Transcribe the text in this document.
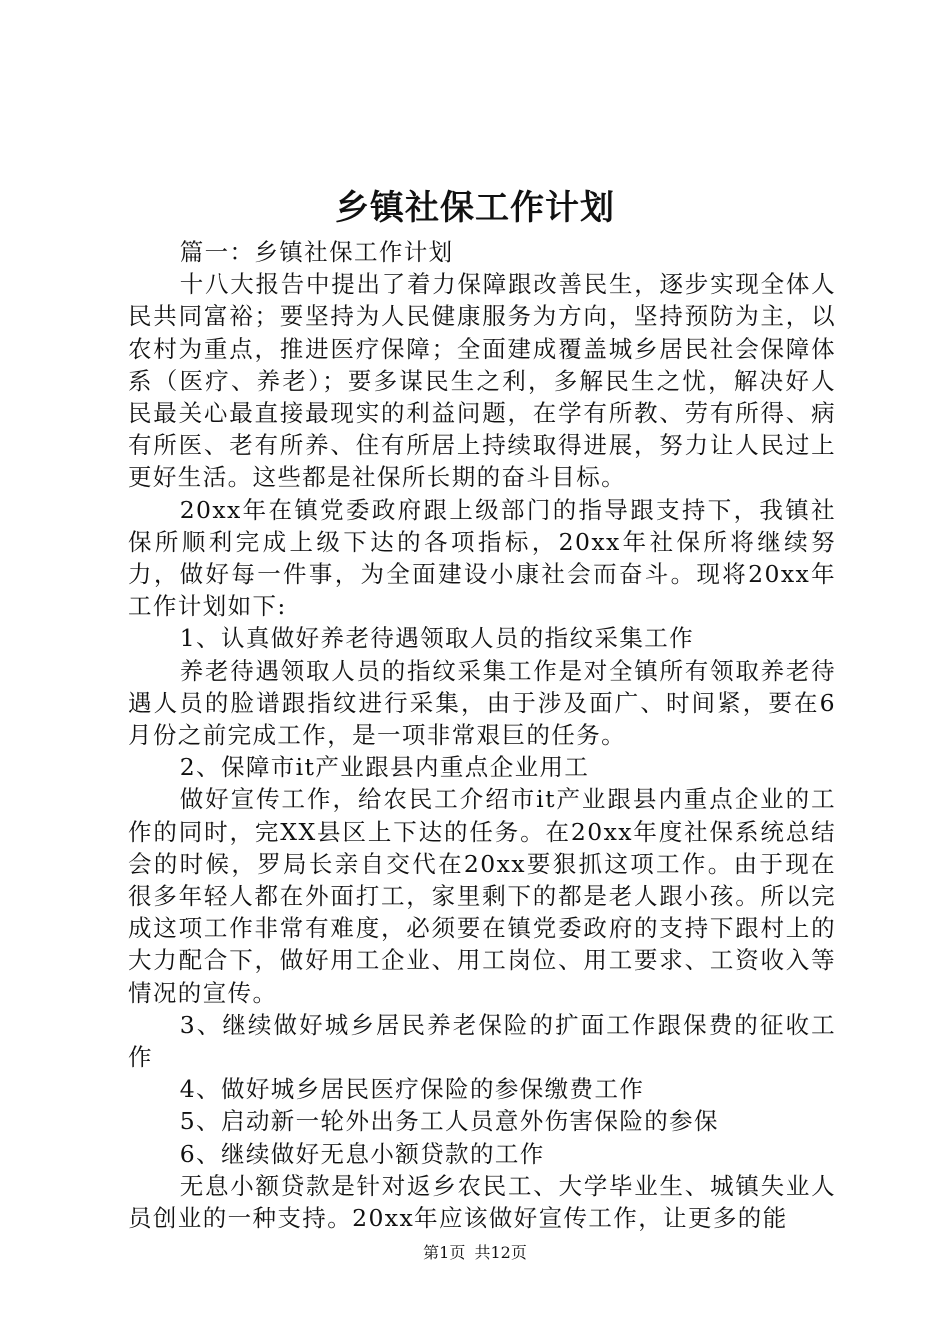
乡镇社保工作计划

篇一：乡镇社保工作计划

十八大报告中提出了着力保障跟改善民生，逐步实现全体人民共同富裕；要坚持为人民健康服务为方向，坚持预防为主，以农村为重点，推进医疗保障；全面建成覆盖城乡居民社会保障体系（医疗、养老）；要多谋民生之利，多解民生之忧，解决好人民最关心最直接最现实的利益问题，在学有所教、劳有所得、病有所医、老有所养、住有所居上持续取得进展，努力让人民过上更好生活。这些都是社保所长期的奋斗目标。

20xx年在镇党委政府跟上级部门的指导跟支持下，我镇社保所顺利完成上级下达的各项指标，20xx年社保所将继续努力，做好每一件事，为全面建设小康社会而奋斗。现将20xx年工作计划如下:

1、认真做好养老待遇领取人员的指纹采集工作

养老待遇领取人员的指纹采集工作是对全镇所有领取养老待遇人员的脸谱跟指纹进行采集，由于涉及面广、时间紧，要在6月份之前完成工作，是一项非常艰巨的任务。

2、保障市it产业跟县内重点企业用工

做好宣传工作，给农民工介绍市it产业跟县内重点企业的工作的同时，完XX县区上下达的任务。在20xx年度社保系统总结会的时候，罗局长亲自交代在20xx要狠抓这项工作。由于现在很多年轻人都在外面打工，家里剩下的都是老人跟小孩。所以完成这项工作非常有难度，必须要在镇党委政府的支持下跟村上的大力配合下，做好用工企业、用工岗位、用工要求、工资收入等情况的宣传。

3、继续做好城乡居民养老保险的扩面工作跟保费的征收工作

4、做好城乡居民医疗保险的参保缴费工作

5、启动新一轮外出务工人员意外伤害保险的参保

6、继续做好无息小额贷款的工作

无息小额贷款是针对返乡农民工、大学毕业生、城镇失业人员创业的一种支持。20xx年应该做好宣传工作，让更多的能

第1页 共12页
